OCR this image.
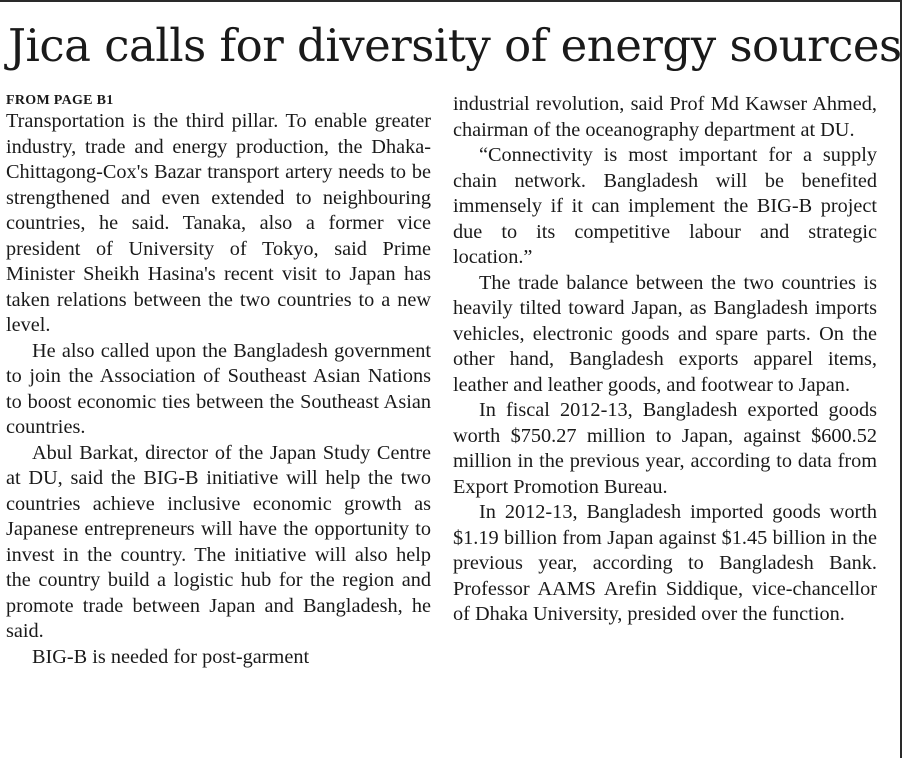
Jica calls for diversity of energy sources

FROM PAGE B1

Transportation is the third pillar. To enable greater industry, trade and energy production, the Dhaka-Chittagong-Cox's Bazar transport artery needs to be strengthened and even extended to neighbouring countries, he said. Tanaka, also a former vice president of University of Tokyo, said Prime Minister Sheikh Hasina's recent visit to Japan has taken relations between the two countries to a new level.

He also called upon the Bangladesh government to join the Association of Southeast Asian Nations to boost economic ties between the Southeast Asian countries.

Abul Barkat, director of the Japan Study Centre at DU, said the BIG-B initiative will help the two countries achieve inclusive economic growth as Japanese entrepreneurs will have the opportunity to invest in the country. The initiative will also help the country build a logistic hub for the region and promote trade between Japan and Bangladesh, he said.

BIG-B is needed for post-garment

industrial revolution, said Prof Md Kawser Ahmed, chairman of the oceanography department at DU.

“Connectivity is most important for a supply chain network. Bangladesh will be benefited immensely if it can implement the BIG-B project due to its competitive labour and strategic location.”

The trade balance between the two countries is heavily tilted toward Japan, as Bangladesh imports vehicles, electronic goods and spare parts. On the other hand, Bangladesh exports apparel items, leather and leather goods, and footwear to Japan.

In fiscal 2012-13, Bangladesh exported goods worth $750.27 million to Japan, against $600.52 million in the previous year, according to data from Export Promotion Bureau.

In 2012-13, Bangladesh imported goods worth $1.19 billion from Japan against $1.45 billion in the previous year, according to Bangladesh Bank. Professor AAMS Arefin Siddique, vice-chancellor of Dhaka University, presided over the function.
